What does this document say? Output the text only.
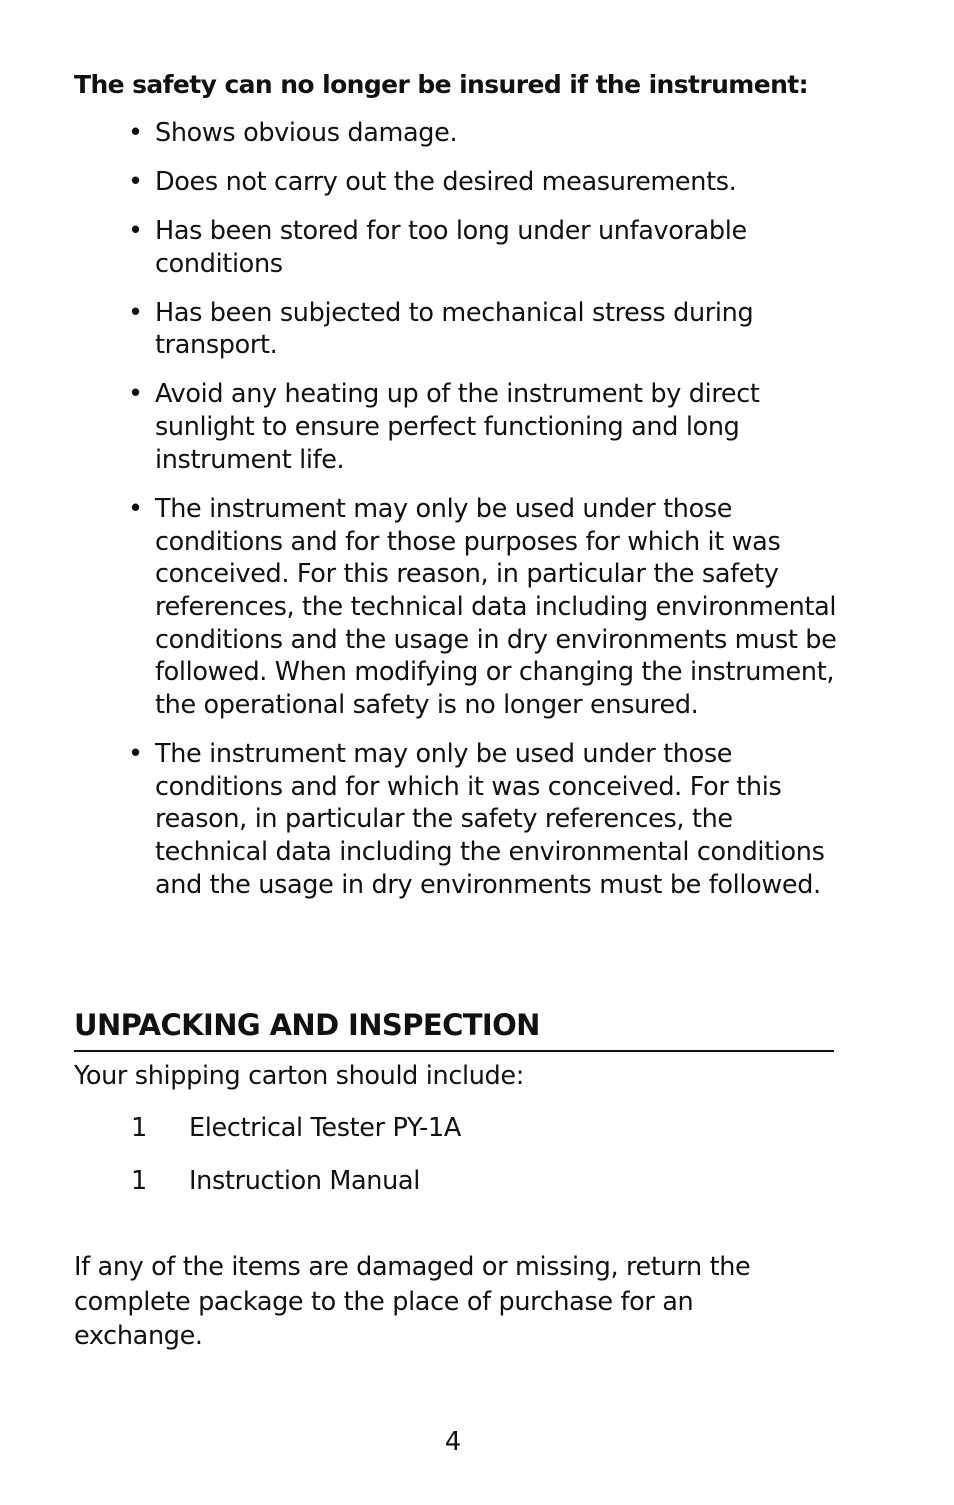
The safety can no longer be insured if the instrument:

• Shows obvious damage.
• Does not carry out the desired measurements.
• Has been stored for too long under unfavorable conditions
• Has been subjected to mechanical stress during transport.
• Avoid any heating up of the instrument by direct sunlight to ensure perfect functioning and long instrument life.
• The instrument may only be used under those conditions and for those purposes for which it was conceived. For this reason, in particular the safety references, the technical data including environmental conditions and the usage in dry environments must be followed. When modifying or changing the instrument, the operational safety is no longer ensured.
• The instrument may only be used under those conditions and for which it was conceived. For this reason, in particular the safety references, the technical data including the environmental conditions and the usage in dry environments must be followed.
UNPACKING AND INSPECTION

Your shipping carton should include:

1 Electrical Tester PY-1A
1 Instruction Manual

If any of the items are damaged or missing, return the complete package to the place of purchase for an exchange.

4
